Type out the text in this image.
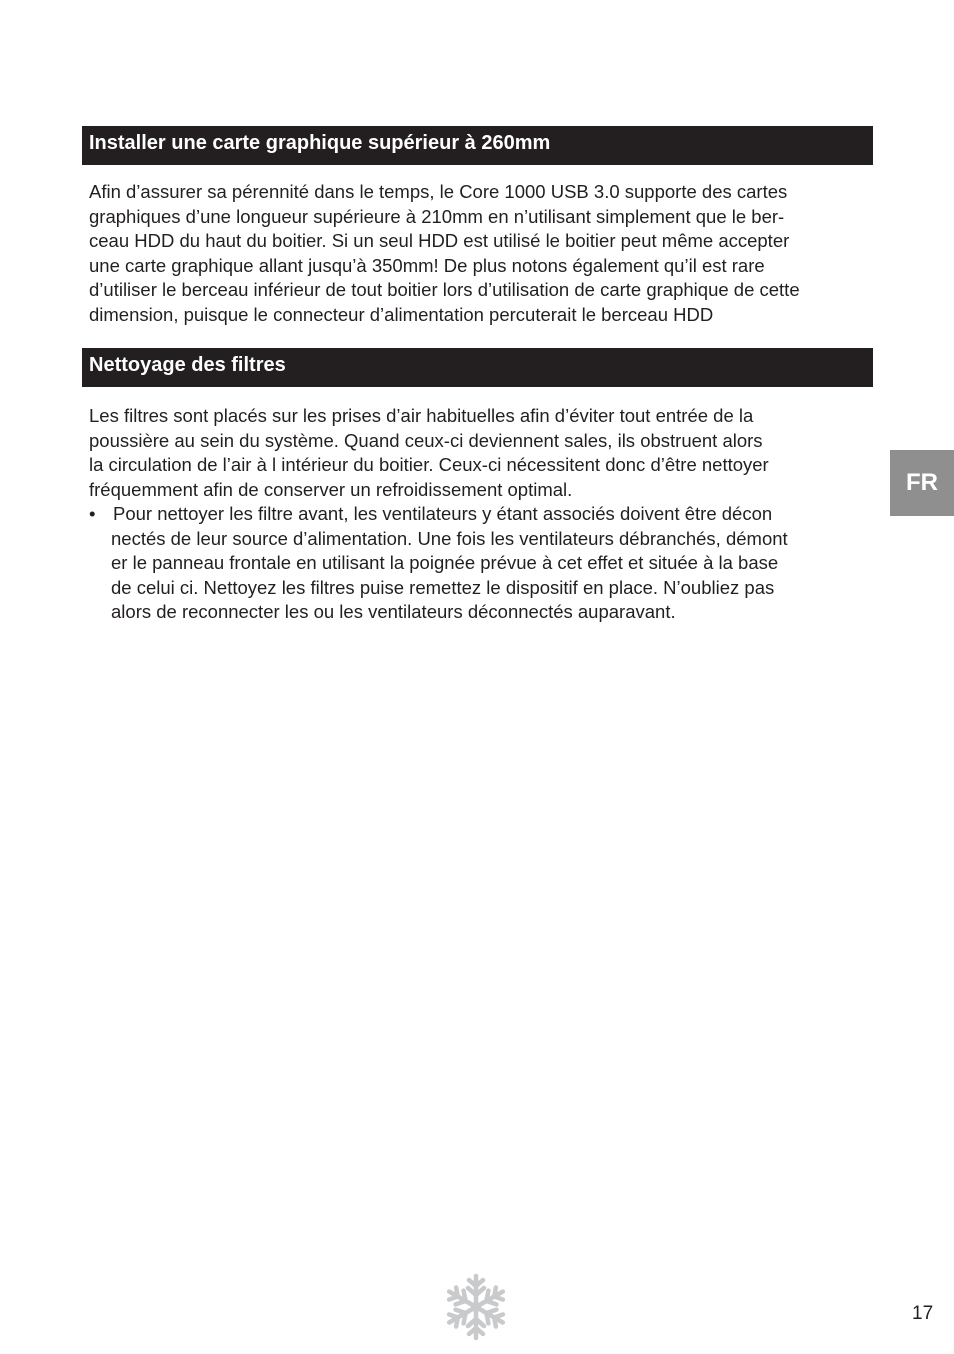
Installer une carte graphique supérieur à 260mm

Afin d’assurer sa pérennité dans le temps, le Core 1000 USB 3.0 supporte des cartes
graphiques d’une longueur supérieure à 210mm en n’utilisant simplement que le ber-
ceau HDD du haut du boitier. Si un seul HDD est utilisé le boitier peut même accepter
une carte graphique allant jusqu’à 350mm! De plus notons également qu’il est rare
d’utiliser le berceau inférieur de tout boitier lors d’utilisation de carte graphique de cette
dimension, puisque le connecteur d’alimentation percuterait le berceau HDD

Nettoyage des filtres

Les filtres sont placés sur les prises d’air habituelles afin d’éviter tout entrée de la
poussière au sein du système. Quand ceux-ci deviennent sales, ils obstruent alors
la circulation de l’air à l intérieur du boitier. Ceux-ci nécessitent donc d’être nettoyer
fréquemment afin de conserver un refroidissement optimal.

• Pour nettoyer les filtre avant, les ventilateurs y étant associés doivent être décon
nectés de leur source d’alimentation. Une fois les ventilateurs débranchés, démont
er le panneau frontale en utilisant la poignée prévue à cet effet et située à la base
de celui ci. Nettoyez les filtres puise remettez le dispositif en place. N’oubliez pas
alors de reconnecter les ou les ventilateurs déconnectés auparavant.
FR
17
